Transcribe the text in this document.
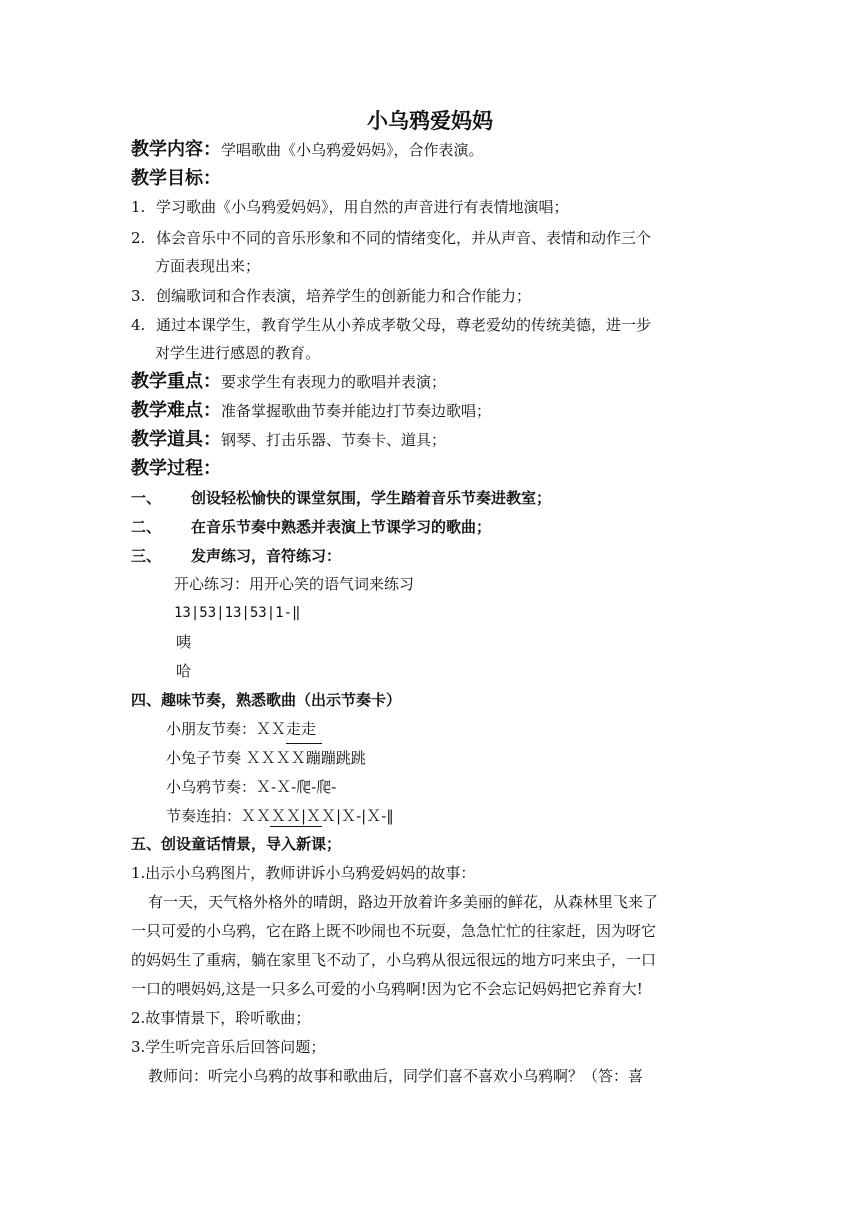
小乌鸦爱妈妈
教学内容：学唱歌曲《小乌鸦爱妈妈》，合作表演。
教学目标：
1. 学习歌曲《小乌鸦爱妈妈》，用自然的声音进行有表情地演唱；
2. 体会音乐中不同的音乐形象和不同的情绪变化，并从声音、表情和动作三个
方面表现出来；
3. 创编歌词和合作表演，培养学生的创新能力和合作能力；
4. 通过本课学生，教育学生从小养成孝敬父母，尊老爱幼的传统美德，进一步
对学生进行感恩的教育。
教学重点：要求学生有表现力的歌唱并表演；
教学难点：准备掌握歌曲节奏并能边打节奏边歌唱；
教学道具：钢琴、打击乐器、节奏卡、道具；
教学过程：
一、 创设轻松愉快的课堂氛围，学生踏着音乐节奏进教室；
二、 在音乐节奏中熟悉并表演上节课学习的歌曲；
三、 发声练习，音符练习：
开心练习：用开心笑的语气词来练习
13|53|13|53|1-‖
咦
哈
四、趣味节奏，熟悉歌曲（出示节奏卡）
小朋友节奏：ＸＸ走走
小兔子节奏 ＸＸＸＸ蹦蹦跳跳
小乌鸦节奏：Ｘ-Ｘ-爬-爬-
节奏连拍：ＸＸＸＸ|ＸＸ|Ｘ-|Ｘ-‖
五、创设童话情景，导入新课；
1.出示小乌鸦图片，教师讲诉小乌鸦爱妈妈的故事：
有一天，天气格外格外的晴朗，路边开放着许多美丽的鲜花，从森林里飞来了
一只可爱的小乌鸦，它在路上既不吵闹也不玩耍，急急忙忙的往家赶，因为呀它
的妈妈生了重病，躺在家里飞不动了，小乌鸦从很远很远的地方叼来虫子，一口
一口的喂妈妈,这是一只多么可爱的小乌鸦啊!因为它不会忘记妈妈把它养育大!
2.故事情景下，聆听歌曲；
3.学生听完音乐后回答问题；
教师问：听完小乌鸦的故事和歌曲后，同学们喜不喜欢小乌鸦啊？（答：喜
